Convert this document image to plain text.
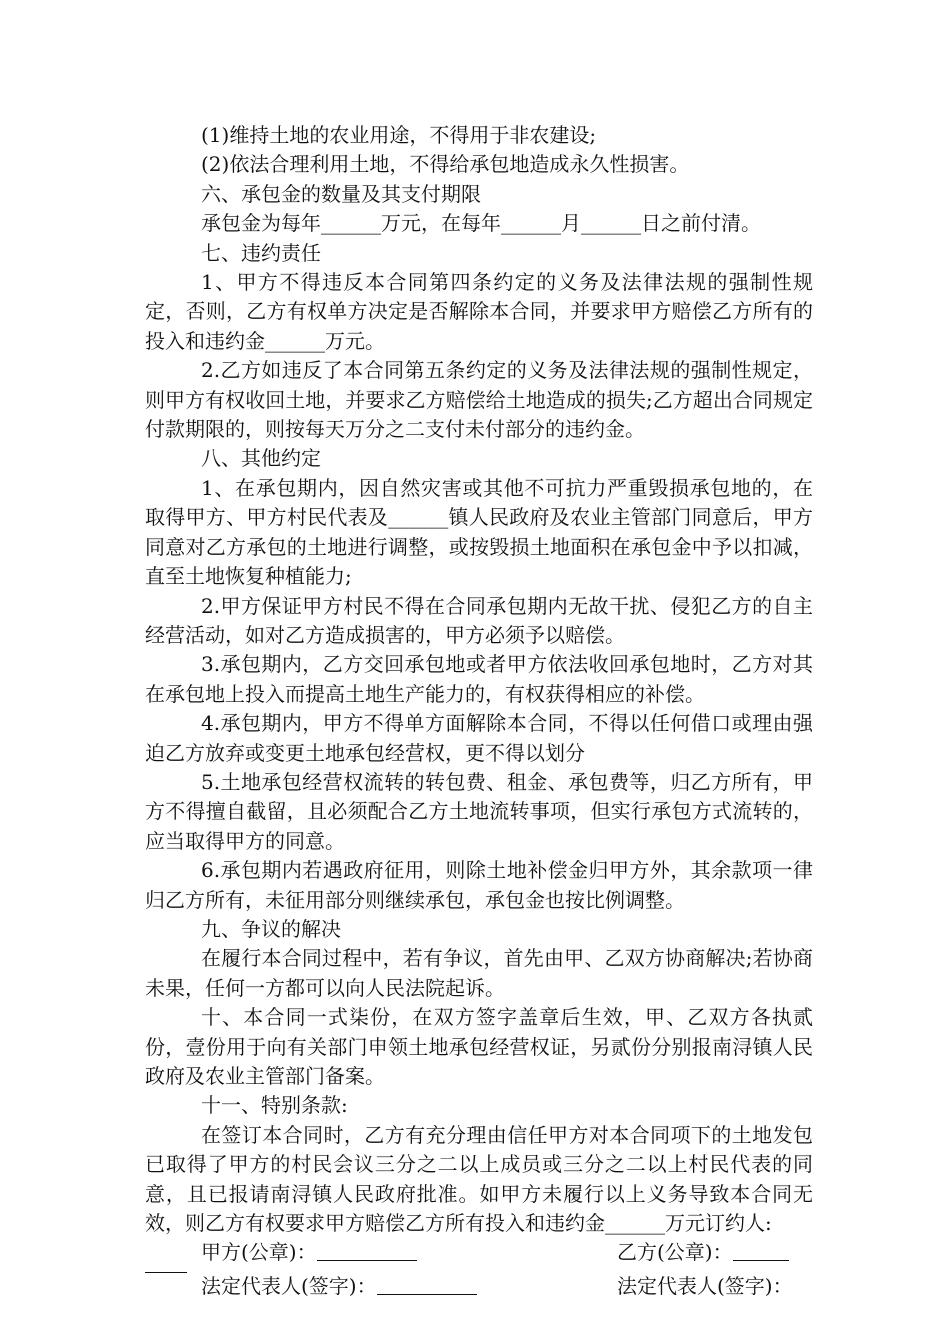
(1)维持土地的农业用途，不得用于非农建设;

(2)依法合理利用土地，不得给承包地造成永久性损害。

六、承包金的数量及其支付期限

承包金为每年______万元，在每年______月______日之前付清。

七、违约责任

1、甲方不得违反本合同第四条约定的义务及法律法规的强制性规定，否则，乙方有权单方决定是否解除本合同，并要求甲方赔偿乙方所有的投入和违约金______万元。

2.乙方如违反了本合同第五条约定的义务及法律法规的强制性规定，则甲方有权收回土地，并要求乙方赔偿给土地造成的损失;乙方超出合同规定付款期限的，则按每天万分之二支付未付部分的违约金。

八、其他约定

1、在承包期内，因自然灾害或其他不可抗力严重毁损承包地的，在取得甲方、甲方村民代表及______镇人民政府及农业主管部门同意后，甲方同意对乙方承包的土地进行调整，或按毁损土地面积在承包金中予以扣减，直至土地恢复种植能力;

2.甲方保证甲方村民不得在合同承包期内无故干扰、侵犯乙方的自主经营活动，如对乙方造成损害的，甲方必须予以赔偿。

3.承包期内，乙方交回承包地或者甲方依法收回承包地时，乙方对其在承包地上投入而提高土地生产能力的，有权获得相应的补偿。

4.承包期内，甲方不得单方面解除本合同，不得以任何借口或理由强迫乙方放弃或变更土地承包经营权，更不得以划分

5.土地承包经营权流转的转包费、租金、承包费等，归乙方所有，甲方不得擅自截留，且必须配合乙方土地流转事项，但实行承包方式流转的，应当取得甲方的同意。

6.承包期内若遇政府征用，则除土地补偿金归甲方外，其余款项一律归乙方所有，未征用部分则继续承包，承包金也按比例调整。

九、争议的解决

在履行本合同过程中，若有争议，首先由甲、乙双方协商解决;若协商未果，任何一方都可以向人民法院起诉。

十、本合同一式柒份，在双方签字盖章后生效，甲、乙双方各执贰份，壹份用于向有关部门申领土地承包经营权证，另贰份分别报南浔镇人民政府及农业主管部门备案。

十一、特别条款:

在签订本合同时，乙方有充分理由信任甲方对本合同项下的土地发包已取得了甲方的村民会议三分之二以上成员或三分之二以上村民代表的同意，且已报请南浔镇人民政府批准。如甲方未履行以上义务导致本合同无效，则乙方有权要求甲方赔偿乙方所有投入和违约金______万元订约人:

甲方(公章)：	乙方(公章)：
法定代表人(签字)：	法定代表人(签字)：
